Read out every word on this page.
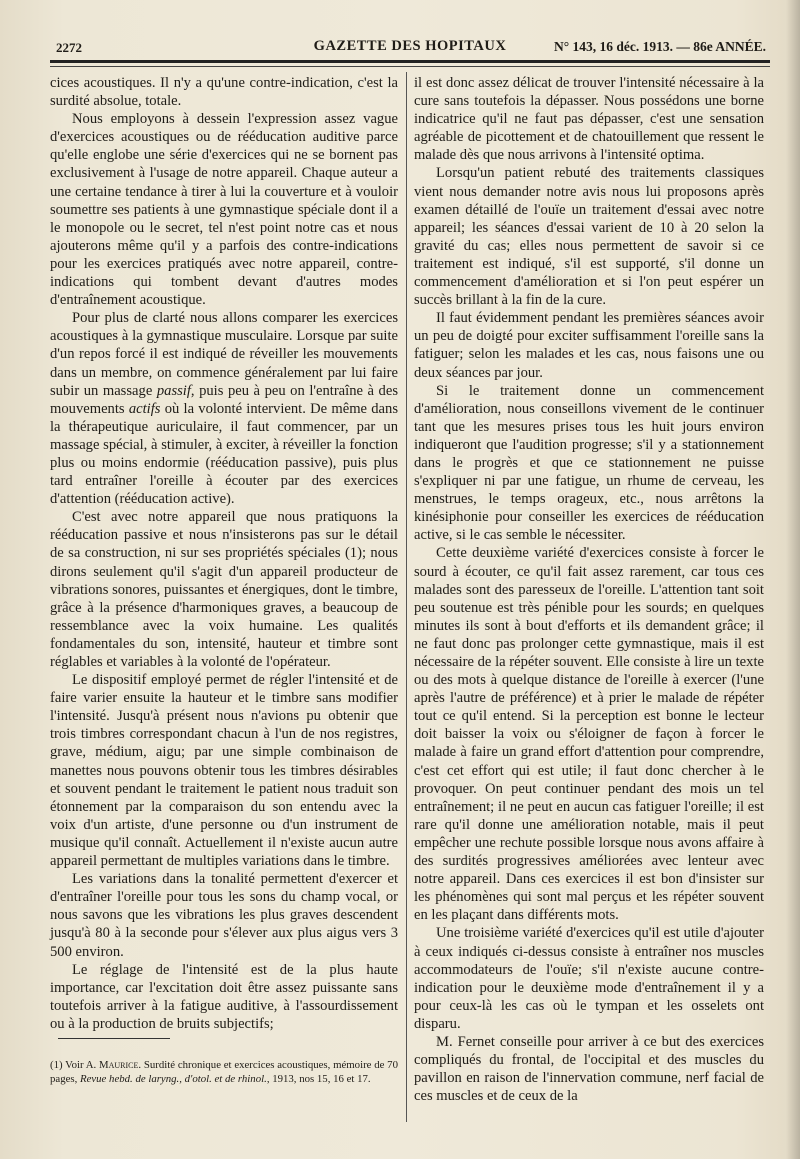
2272	GAZETTE DES HOPITAUX	N° 143, 16 déc. 1913. — 86e ANNÉE.

cices acoustiques. Il n'y a qu'une contre-indication, c'est la surdité absolue, totale.

Nous employons à dessein l'expression assez vague d'exercices acoustiques ou de rééducation auditive parce qu'elle englobe une série d'exercices qui ne se bornent pas exclusivement à l'usage de notre appareil. Chaque auteur a une certaine tendance à tirer à lui la couverture et à vouloir soumettre ses patients à une gymnastique spéciale dont il a le monopole ou le secret, tel n'est point notre cas et nous ajouterons même qu'il y a parfois des contre-indications pour les exercices pratiqués avec notre appareil, contre-indications qui tombent devant d'autres modes d'entraînement acoustique.

Pour plus de clarté nous allons comparer les exercices acoustiques à la gymnastique musculaire. Lorsque par suite d'un repos forcé il est indiqué de réveiller les mouvements dans un membre, on commence généralement par lui faire subir un massage passif, puis peu à peu on l'entraîne à des mouvements actifs où la volonté intervient. De même dans la thérapeutique auriculaire, il faut commencer, par un massage spécial, à stimuler, à exciter, à réveiller la fonction plus ou moins endormie (rééducation passive), puis plus tard entraîner l'oreille à écouter par des exercices d'attention (rééducation active).

C'est avec notre appareil que nous pratiquons la rééducation passive et nous n'insisterons pas sur le détail de sa construction, ni sur ses propriétés spéciales (1); nous dirons seulement qu'il s'agit d'un appareil producteur de vibrations sonores, puissantes et énergiques, dont le timbre, grâce à la présence d'harmoniques graves, a beaucoup de ressemblance avec la voix humaine. Les qualités fondamentales du son, intensité, hauteur et timbre sont réglables et variables à la volonté de l'opérateur.

Le dispositif employé permet de régler l'intensité et de faire varier ensuite la hauteur et le timbre sans modifier l'intensité. Jusqu'à présent nous n'avions pu obtenir que trois timbres correspondant chacun à l'un de nos registres, grave, médium, aigu; par une simple combinaison de manettes nous pouvons obtenir tous les timbres désirables et souvent pendant le traitement le patient nous traduit son étonnement par la comparaison du son entendu avec la voix d'un artiste, d'une personne ou d'un instrument de musique qu'il connaît. Actuellement il n'existe aucun autre appareil permettant de multiples variations dans le timbre.

Les variations dans la tonalité permettent d'exercer et d'entraîner l'oreille pour tous les sons du champ vocal, or nous savons que les vibrations les plus graves descendent jusqu'à 80 à la seconde pour s'élever aux plus aigus vers 3 500 environ.

Le réglage de l'intensité est de la plus haute importance, car l'excitation doit être assez puissante sans toutefois arriver à la fatigue auditive, à l'assourdissement ou à la production de bruits subjectifs;

(1) Voir A. Maurice. Surdité chronique et exercices acoustiques, mémoire de 70 pages, Revue hebd. de laryng., d'otol. et de rhinol., 1913, nos 15, 16 et 17.

il est donc assez délicat de trouver l'intensité nécessaire à la cure sans toutefois la dépasser. Nous possédons une borne indicatrice qu'il ne faut pas dépasser, c'est une sensation agréable de picottement et de chatouillement que ressent le malade dès que nous arrivons à l'intensité optima.

Lorsqu'un patient rebuté des traitements classiques vient nous demander notre avis nous lui proposons après examen détaillé de l'ouïe un traitement d'essai avec notre appareil; les séances d'essai varient de 10 à 20 selon la gravité du cas; elles nous permettent de savoir si ce traitement est indiqué, s'il est supporté, s'il donne un commencement d'amélioration et si l'on peut espérer un succès brillant à la fin de la cure.

Il faut évidemment pendant les premières séances avoir un peu de doigté pour exciter suffisamment l'oreille sans la fatiguer; selon les malades et les cas, nous faisons une ou deux séances par jour.

Si le traitement donne un commencement d'amélioration, nous conseillons vivement de le continuer tant que les mesures prises tous les huit jours environ indiqueront que l'audition progresse; s'il y a stationnement dans le progrès et que ce stationnement ne puisse s'expliquer ni par une fatigue, un rhume de cerveau, les menstrues, le temps orageux, etc., nous arrêtons la kinésiphonie pour conseiller les exercices de rééducation active, si le cas semble le nécessiter.

Cette deuxième variété d'exercices consiste à forcer le sourd à écouter, ce qu'il fait assez rarement, car tous ces malades sont des paresseux de l'oreille. L'attention tant soit peu soutenue est très pénible pour les sourds; en quelques minutes ils sont à bout d'efforts et ils demandent grâce; il ne faut donc pas prolonger cette gymnastique, mais il est nécessaire de la répéter souvent. Elle consiste à lire un texte ou des mots à quelque distance de l'oreille à exercer (l'une après l'autre de préférence) et à prier le malade de répéter tout ce qu'il entend. Si la perception est bonne le lecteur doit baisser la voix ou s'éloigner de façon à forcer le malade à faire un grand effort d'attention pour comprendre, c'est cet effort qui est utile; il faut donc chercher à le provoquer. On peut continuer pendant des mois un tel entraînement; il ne peut en aucun cas fatiguer l'oreille; il est rare qu'il donne une amélioration notable, mais il peut empêcher une rechute possible lorsque nous avons affaire à des surdités progressives améliorées avec lenteur avec notre appareil. Dans ces exercices il est bon d'insister sur les phénomènes qui sont mal perçus et les répéter souvent en les plaçant dans différents mots.

Une troisième variété d'exercices qu'il est utile d'ajouter à ceux indiqués ci-dessus consiste à entraîner nos muscles accommodateurs de l'ouïe; s'il n'existe aucune contre-indication pour le deuxième mode d'entraînement il y a pour ceux-là les cas où le tympan et les osselets ont disparu.

M. Fernet conseille pour arriver à ce but des exercices compliqués du frontal, de l'occipital et des muscles du pavillon en raison de l'innervation commune, nerf facial de ces muscles et de ceux de la
